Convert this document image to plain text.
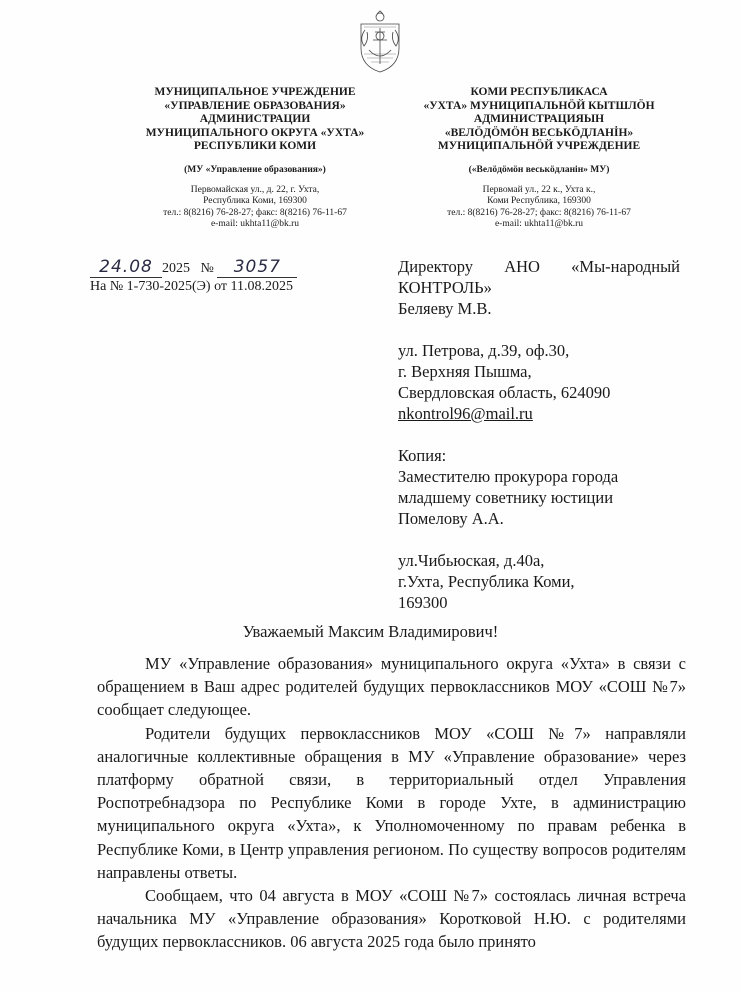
МУНИЦИПАЛЬНОЕ УЧРЕЖДЕНИЕ
«УПРАВЛЕНИЕ ОБРАЗОВАНИЯ»
АДМИНИСТРАЦИИ
МУНИЦИПАЛЬНОГО ОКРУГА «УХТА»
РЕСПУБЛИКИ КОМИ
(МУ «Управление образования»)
Первомайская ул., д. 22, г. Ухта,
Республика Коми, 169300
тел.: 8(8216) 76-28-27; факс: 8(8216) 76-11-67
e-mail: ukhta11@bk.ru
КОМИ РЕСПУБЛИКАСА
«УХТА» МУНИЦИПАЛЬНӦЙ КЫТШЛӦН
АДМИНИСТРАЦИЯЫН
«ВЕЛӦДӦМӦН ВЕСЬКӦДЛАНİН»
МУНИЦИПАЛЬНӦЙ УЧРЕЖДЕНИЕ
(«Велӧдӧмӧн веськӧдланiн» МУ)
Первомай ул., 22 к., Ухта к.,
Коми Республика, 169300
тел.: 8(8216) 76-28-27; факс: 8(8216) 76-11-67
e-mail: ukhta11@bk.ru
24.08 2025 № 3057
На № 1-730-2025(Э) от 11.08.2025

Директору АНО «Мы-народный

КОНТРОЛЬ»

Беляеву М.В.

ул. Петрова, д.39, оф.30,

г. Верхняя Пышма,

Свердловская область, 624090

nkontrol96@mail.ru

Копия:

Заместителю прокурора города

младшему советнику юстиции

Помелову А.А.

ул.Чибьюская, д.40а,

г.Ухта, Республика Коми,

169300

Уважаемый Максим Владимирович!

МУ «Управление образования» муниципального округа «Ухта» в связи с обращением в Ваш адрес родителей будущих первоклассников МОУ «СОШ №7» сообщает следующее.

Родители будущих первоклассников МОУ «СОШ №7» направляли аналогичные коллективные обращения в МУ «Управление образование» через платформу обратной связи, в территориальный отдел Управления Роспотребнадзора по Республике Коми в городе Ухте, в администрацию муниципального округа «Ухта», к Уполномоченному по правам ребенка в Республике Коми, в Центр управления регионом. По существу вопросов родителям направлены ответы.

Сообщаем, что 04 августа в МОУ «СОШ №7» состоялась личная встреча начальника МУ «Управление образования» Коротковой Н.Ю. с родителями будущих первоклассников. 06 августа 2025 года было принято
